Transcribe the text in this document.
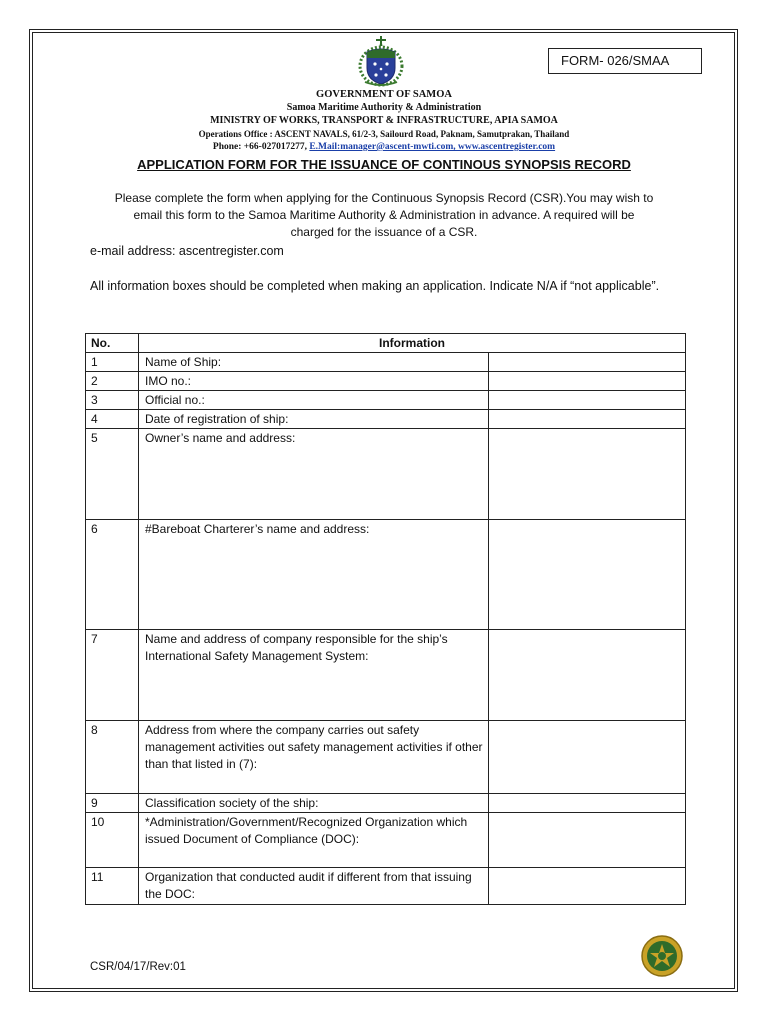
FORM- 026/SMAA
GOVERNMENT OF SAMOA
Samoa Maritime Authority & Administration
MINISTRY OF WORKS, TRANSPORT & INFRASTRUCTURE, APIA SAMOA
Operations Office : ASCENT NAVALS, 61/2-3, Sailourd Road, Paknam, Samutprakan, Thailand
Phone: +66-027017277, E.Mail:manager@ascent-mwti.com, www.ascentregister.com
APPLICATION FORM FOR THE ISSUANCE OF CONTINOUS SYNOPSIS RECORD
Please complete the form when applying for the Continuous Synopsis Record (CSR).You may wish to
email this form to the Samoa Maritime Authority & Administration in advance. A required will be
charged for the issuance of a CSR.
e-mail address: ascentregister.com
All information boxes should be completed when making an application. Indicate N/A if “not applicable”.
No.	Information	
1	Name of Ship:	
2	IMO no.:	
3	Official no.:	
4	Date of registration of ship:	
5	Owner’s name and address:	
6	#Bareboat Charterer’s name and address:	
7	Name and address of company responsible for the ship’s International Safety Management System:	
8	Address from where the company carries out safety management activities out safety management activities if other than that listed in (7):	
9	Classification society of the ship:	
10	*Administration/Government/Recognized Organization which issued Document of Compliance (DOC):	
11	Organization that conducted audit if different from that issuing the DOC:	
CSR/04/17/Rev:01
